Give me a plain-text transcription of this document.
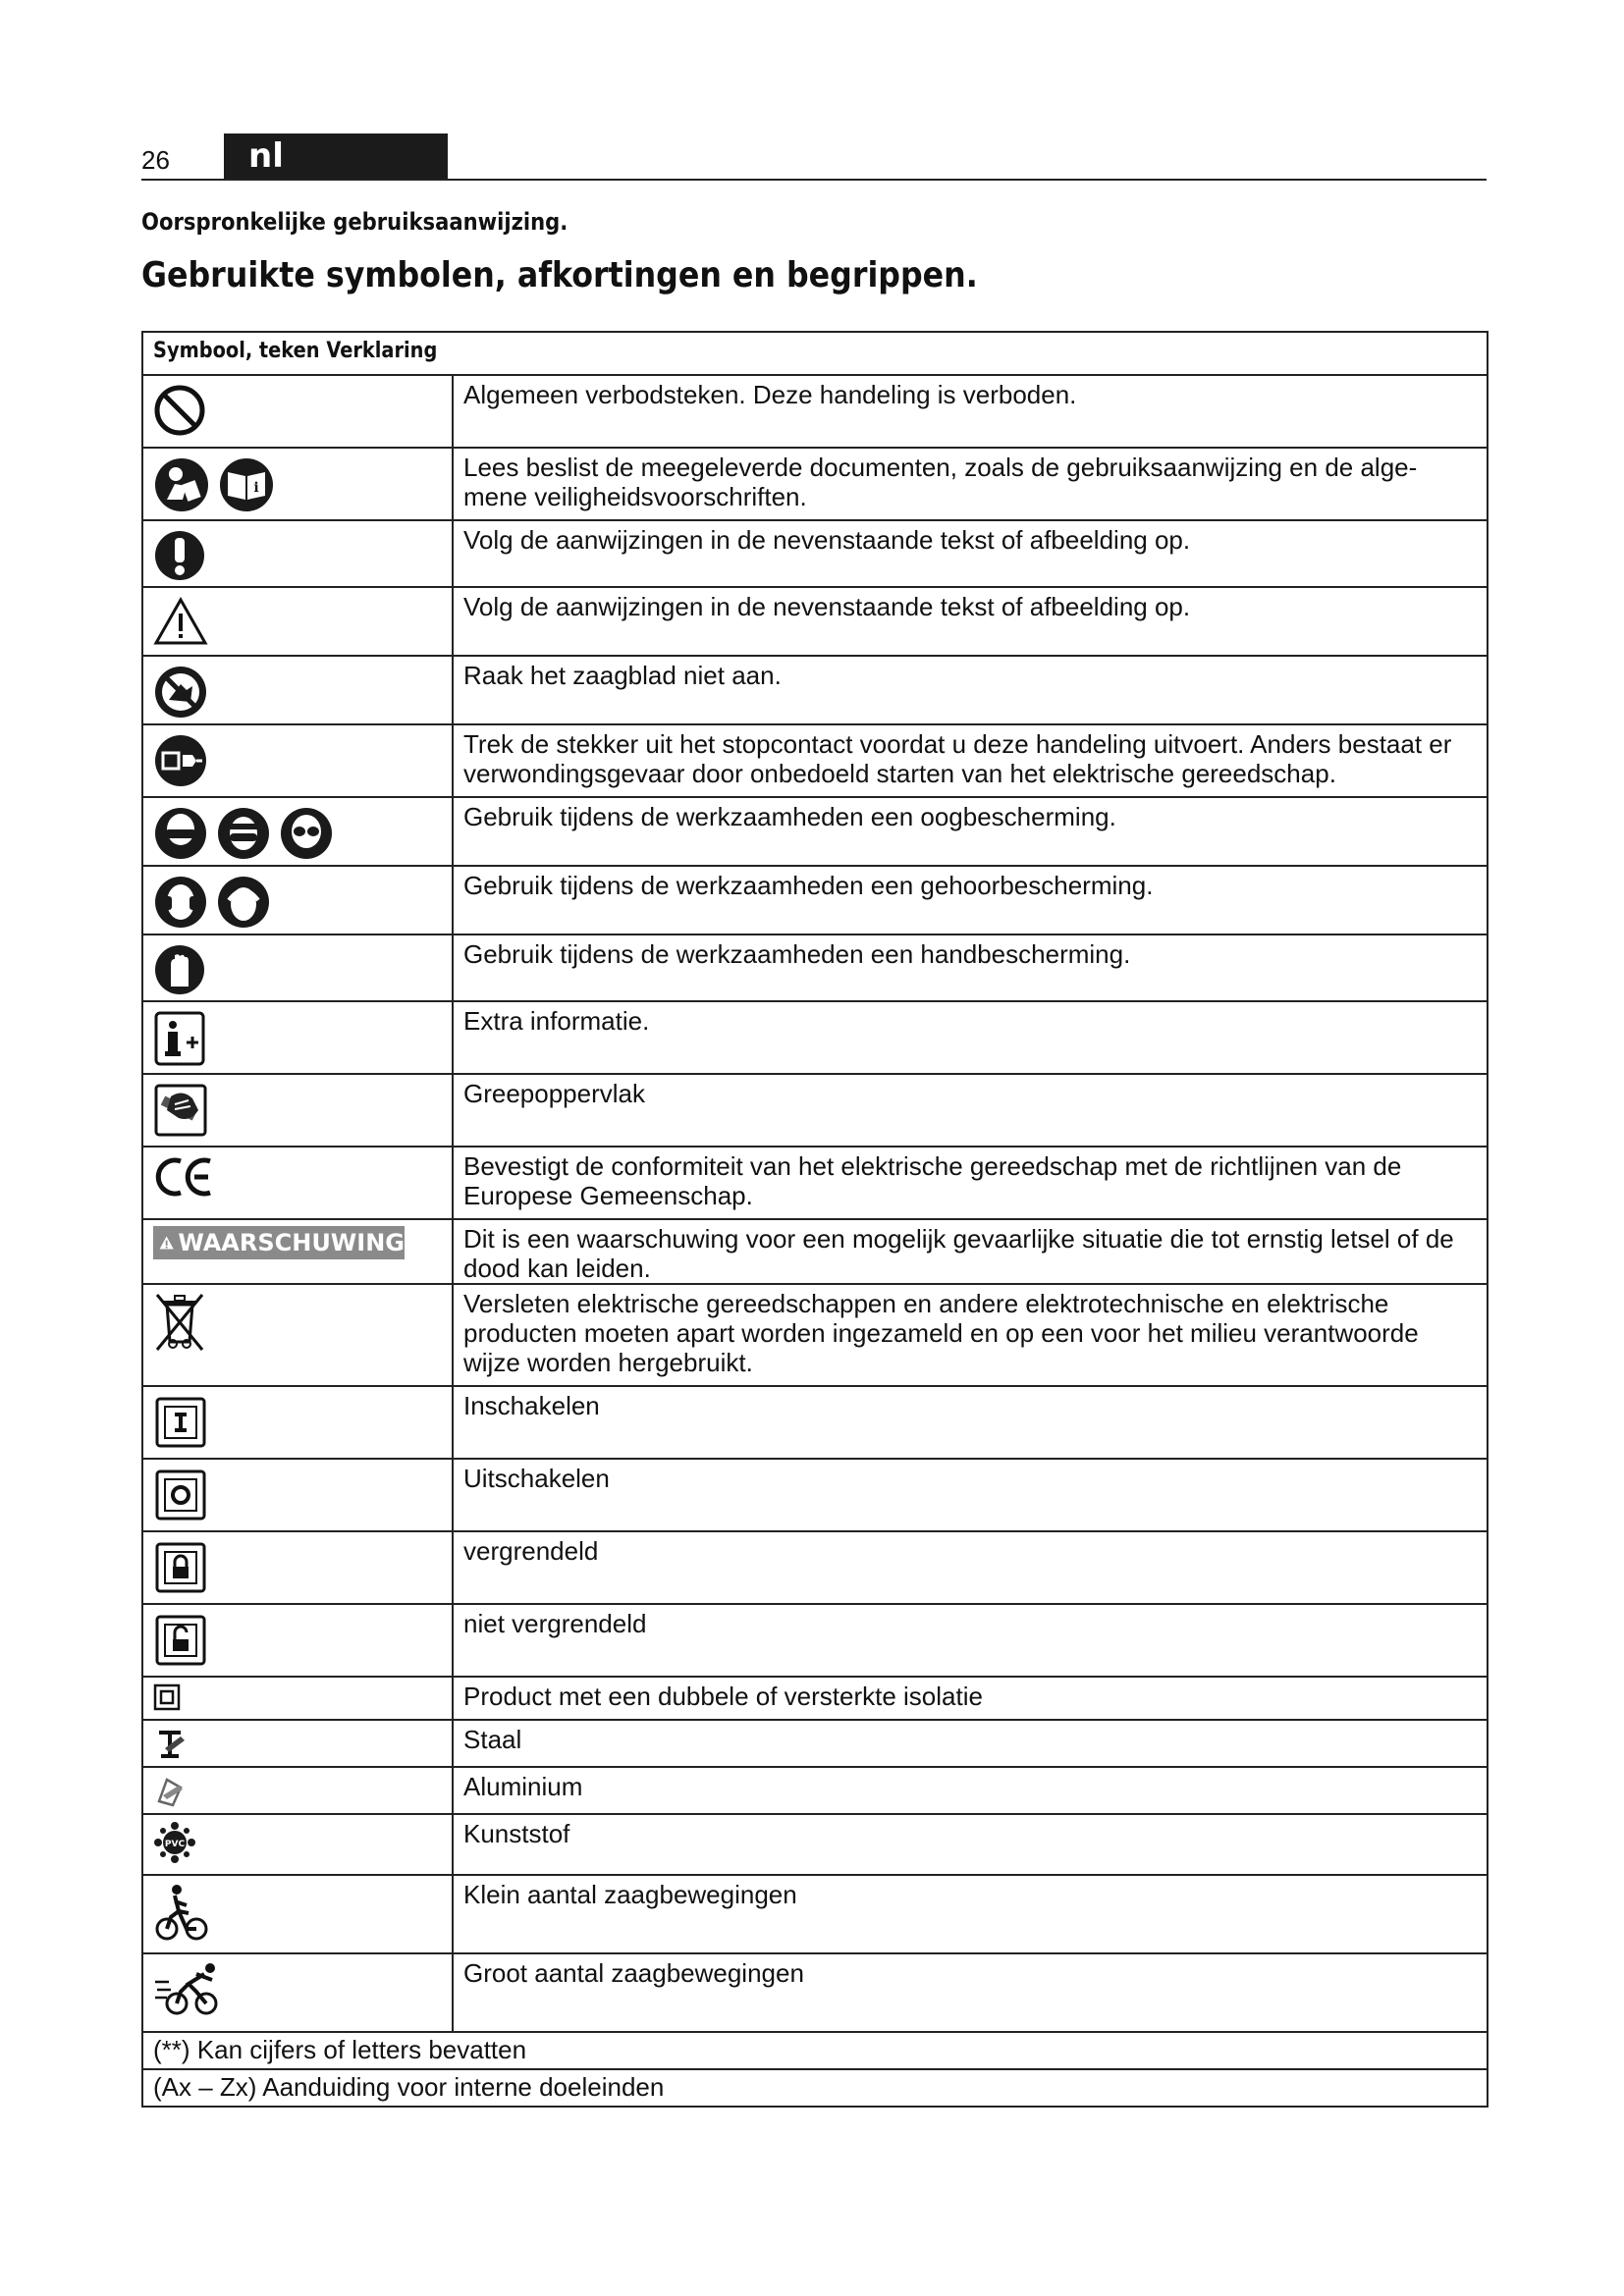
26	nl
Oorspronkelijke gebruiksaanwijzing.
Gebruikte symbolen, afkortingen en begrippen.
Symbool, teken Verklaring	

	Algemeen verbodsteken. Deze handeling is verboden.

i	Lees beslist de meegeleverde documenten, zoals de gebruiksaanwijzing en de alge-mene veiligheidsvoorschriften.

	Volg de aanwijzingen in de nevenstaande tekst of afbeelding op.

	Volg de aanwijzingen in de nevenstaande tekst of afbeelding op.

	Raak het zaagblad niet aan.

	Trek de stekker uit het stopcontact voordat u deze handeling uitvoert. Anders bestaat er verwondingsgevaar door onbedoeld starten van het elektrische gereedschap.

	Gebruik tijdens de werkzaamheden een oogbescherming.

	Gebruik tijdens de werkzaamheden een gehoorbescherming.

	Gebruik tijdens de werkzaamheden een handbescherming.

	Extra informatie.

	Greepoppervlak

	Bevestigt de conformiteit van het elektrische gereedschap met de richtlijnen van de Europese Gemeenschap.

WAARSCHUWING	Dit is een waarschuwing voor een mogelijk gevaarlijke situatie die tot ernstig letsel of de dood kan leiden.

	Versleten elektrische gereedschappen en andere elektrotechnische en elektrische producten moeten apart worden ingezameld en op een voor het milieu verantwoorde wijze worden hergebruikt.

	Inschakelen

	Uitschakelen

	vergrendeld

	niet vergrendeld

	Product met een dubbele of versterkte isolatie

	Staal

	Aluminium

PVC	Kunststof

	Klein aantal zaagbewegingen

	Groot aantal zaagbewegingen

(**) Kan cijfers of letters bevatten	

(Ax – Zx) Aanduiding voor interne doeleinden	
